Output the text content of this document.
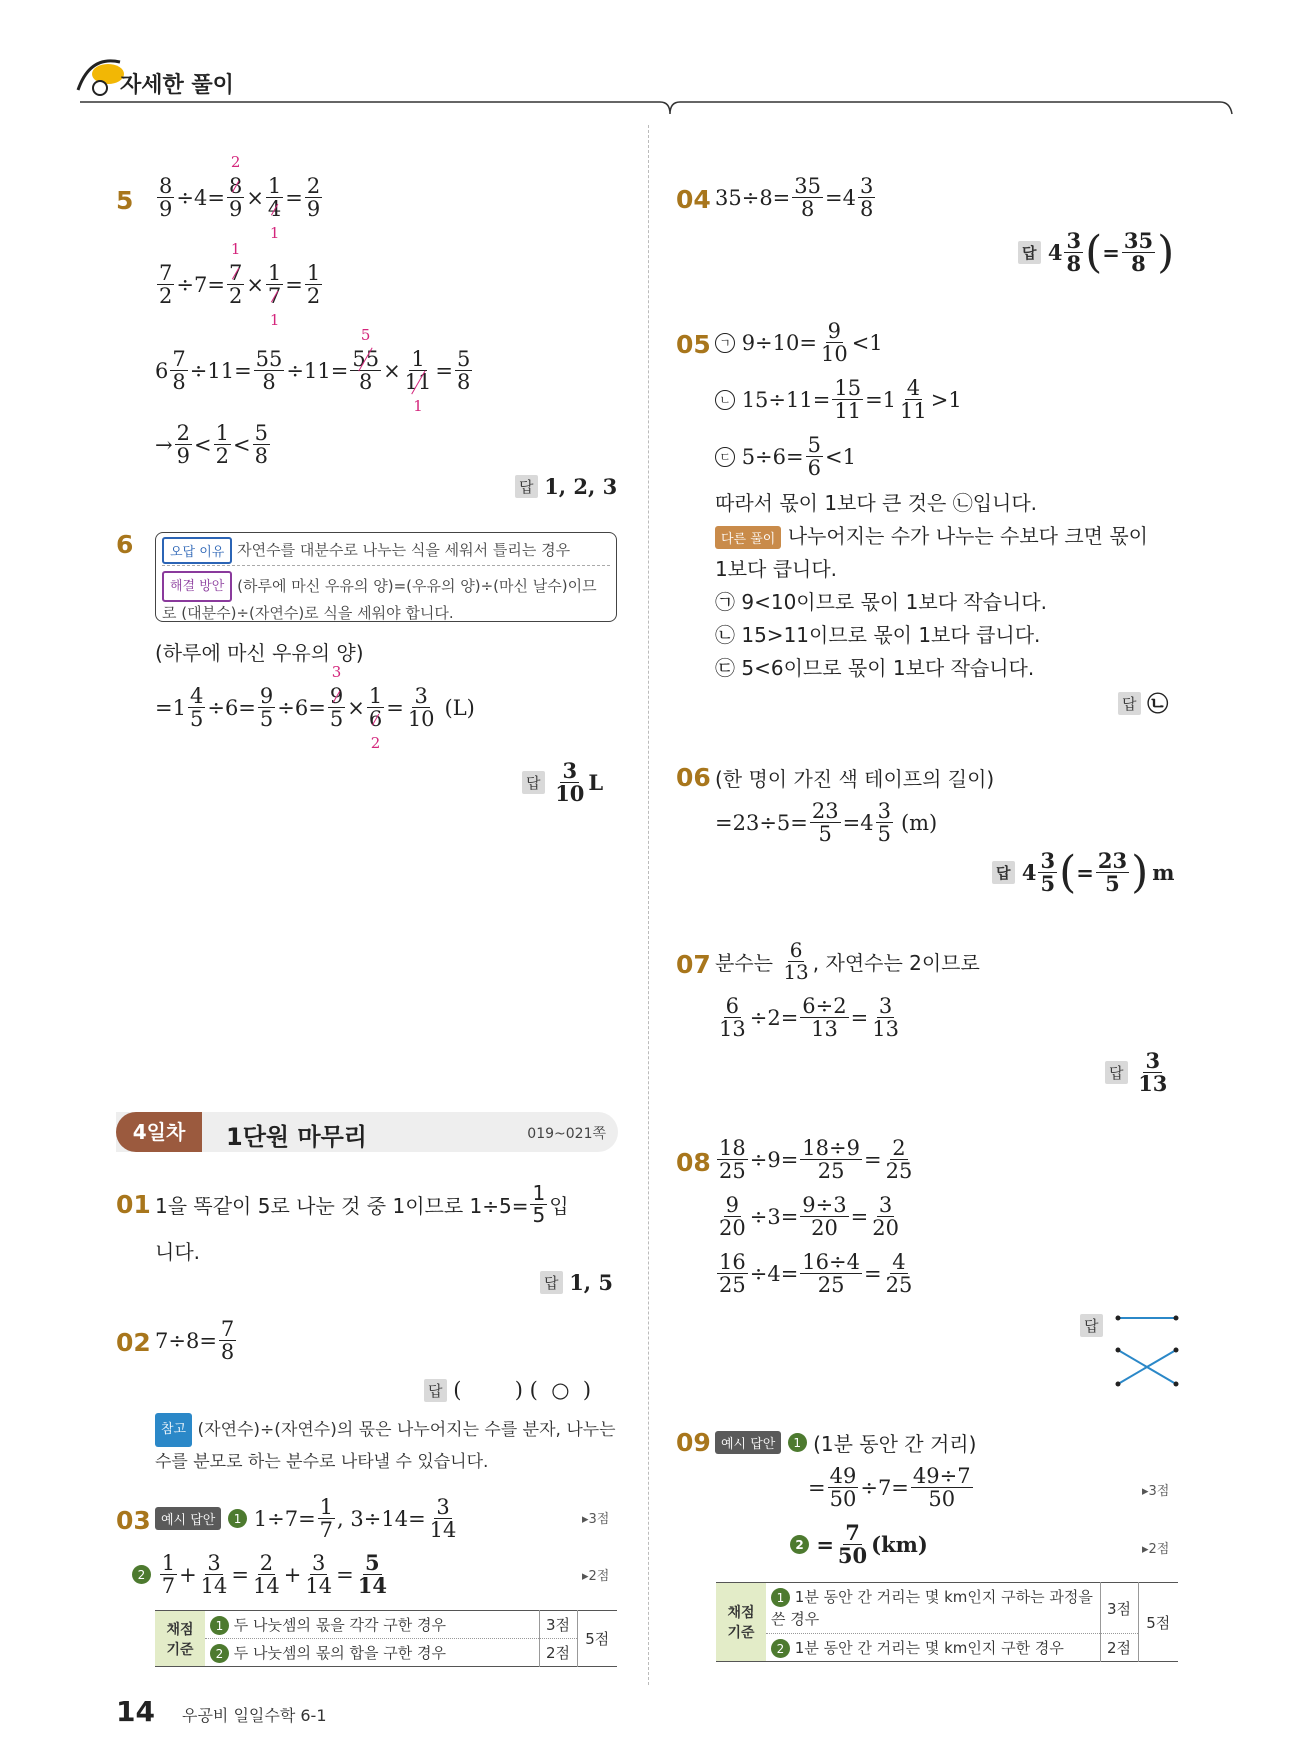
자세한 풀이
$5 \frac{8}{9} \div 4= 8$
2
9 × 1
4
$1 = \frac{2}{9}$
$\frac{7}{2} \div 7= 7$
1
2 × 1
7
$1 = \frac{1}{2}$
$6 \frac{7}{8} \div 11= \frac{55}{8} \div 11= 55$
5
8 × 1
11
$1 = \frac{5}{8}$
→ $\frac{2}{9} < \frac{1}{2} < \frac{5}{8}$
답
1, 2, 3
6	오답 이유 자연수를 대분수로 나누는 식을 세워서 틀리는 경우
해결 방안 (하루에 마신 우유의 양)=(우유의 양)÷(마신 날수)이므로 (대분수)÷(자연수)로 식을 세워야 합니다.
(하루에 마신 우유의 양)
$=1 \frac{4}{5} \div 6= \frac{9}{5} \div 6= 9$
3
5 × 1
6
$2 = \frac{3}{10} (L)$
답
$\frac{3}{10}$ L
4일차	1단원 마무리	019~021쪽
01 1을 똑같이 5로 나눈 것 중 1이므로 $1\div 5= \frac{1}{5}$ 입
니다.
답
1, 5
02 $7\div 8= \frac{7}{8}$
답
(        ) (  ○  )
참고 (자연수)÷(자연수)의 몫은 나누어지는 수를 분자, 나누는 수를 분모로 하는 분수로 나타낼 수 있습니다.
03 예시 답안
	1
$1\div 7= \frac{1}{7}$ , $3\div 14= \frac{3}{14}$	▸3점
2
$\frac{1}{7} + \frac{3}{14} = \frac{2}{14} + \frac{3}{14} = \frac{5}{14}$	▸2점
채점 기준	1 두 나눗셈의 몫을 각각 구한 경우	3점	5점
	2 두 나눗셈의 몫의 합을 구한 경우	2점	
04 $35\div 8= \frac{35}{8} =4 \frac{3}{8}$
답
$4 \frac{3}{8}$ ( = $\frac{35}{8}$ )
05 ㄱ
$9\div 10= \frac{9}{10} <1$
ㄴ
$15\div 11= \frac{15}{11} =1 \frac{4}{11} >1$
ㄷ
$5\div 6= \frac{5}{6} <1$
따라서 몫이 1보다 큰 것은 ㉡입니다.
다른 풀이 나누어지는 수가 나누는 수보다 크면 몫이
1보다 큽니다.
㉠ 9<10이므로 몫이 1보다 작습니다.
㉡ 15>11이므로 몫이 1보다 큽니다.
㉢ 5<6이므로 몫이 1보다 작습니다.
답
㉡
06 (한 명이 가진 색 테이프의 길이)
$=23\div 5= \frac{23}{5} =4 \frac{3}{5} (m)$
답
$4 \frac{3}{5}$ ( = $\frac{23}{5}$ ) m
07 분수는
$\frac{6}{13}$ , 자연수는 2이므로
$\frac{6}{13} \div 2= \frac{6\div 2}{13} = \frac{3}{13}$
답
$\frac{3}{13}$
$08 \frac{18}{25} \div 9= \frac{18\div 9}{25} = \frac{2}{25}$
$\frac{9}{20} \div 3= \frac{9\div 3}{20} = \frac{3}{20}$
$\frac{16}{25} \div 4= \frac{16\div 4}{25} = \frac{4}{25}$
답
09 예시 답안
	1
(1분 동안 간 거리)
= $\frac{49}{50} \div 7= \frac{49\div 7}{50}$	▸3점
2
= $\frac{7}{50} (km)$	▸2점
채점 기준	1 1분 동안 간 거리는 몇 km인지 구하는 과정을 쓴 경우	3점	5점
	2 1분 동안 간 거리는 몇 km인지 구한 경우	2점	
14 우공비 일일수학 6-1
